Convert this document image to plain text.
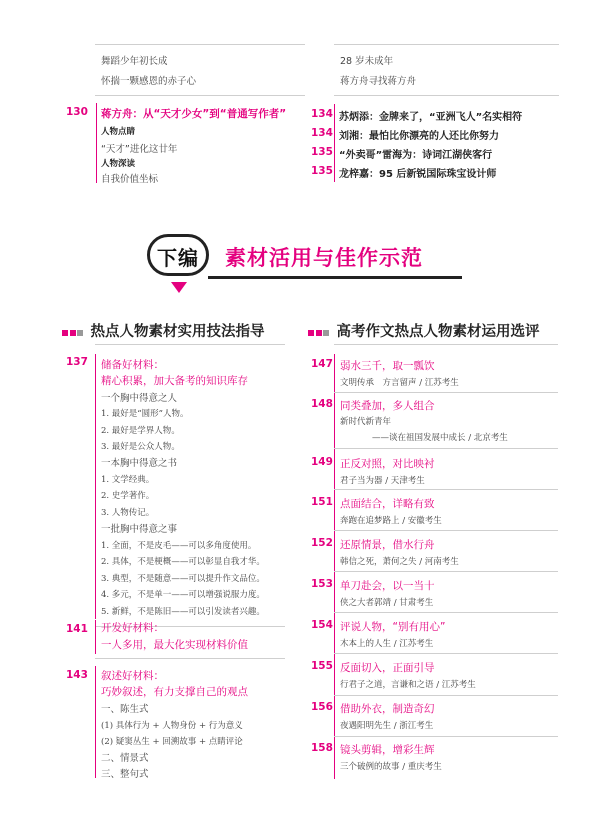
舞蹈少年初长成
怀揣一颗感恩的赤子心
130 蒋方舟：从“天才少女”到“普通写作者”
人物点睛
“天才”进化这廿年
人物深读
自我价值坐标
28 岁未成年
蒋方舟寻找蒋方舟
134 苏炳添：金牌来了，“亚洲飞人”名实相符
134 刘湘：最怕比你漂亮的人还比你努力
135 “外卖哥”雷海为：诗词江湖侠客行
135 龙梓嘉：95 后新锐国际珠宝设计师
下编	素材活用与佳作示范
热点人物素材实用技法指导	高考作文热点人物素材运用选评
137 储备好材料：
精心积累，加大备考的知识库存
一个胸中得意之人
1. 最好是“圆形”人物。
2. 最好是学界人物。
3. 最好是公众人物。
一本胸中得意之书
1. 文学经典。
2. 史学著作。
3. 人物传记。
一批胸中得意之事
1. 全面，不是皮毛——可以多角度使用。
2. 具体，不是梗概——可以彰显自我才华。
3. 典型，不是随意——可以提升作文品位。
4. 多元，不是单一——可以增强说服力度。
5. 新鲜，不是陈旧——可以引发读者兴趣。
141 开发好材料：
一人多用，最大化实现材料价值
143 叙述好材料：
巧妙叙述，有力支撑自己的观点
一、陈生式
(1) 具体行为 + 人物身份 + 行为意义
(2) 疑窦丛生 + 回溯故事 + 点睛评论
二、情景式
三、整句式
147 弱水三千，取一瓢饮
文明传承　方言留声 / 江苏考生
148 同类叠加，多人组合
新时代新青年
——谈在祖国发展中成长 / 北京考生
149 正反对照，对比映衬
君子当为器 / 天津考生
151 点面结合，详略有致
奔跑在追梦路上 / 安徽考生
152 还原情景，借水行舟
韩信之死，萧何之失 / 河南考生
153 单刀赴会，以一当十
侠之大者郭靖 / 甘肃考生
154 评说人物，“别有用心”
木本上的人生 / 江苏考生
155 反面切入，正面引导
行君子之道，言谦和之语 / 江苏考生
156 借助外衣，制造奇幻
夜遇阳明先生 / 浙江考生
158 镜头剪辑，增彩生辉
三个破例的故事 / 重庆考生
